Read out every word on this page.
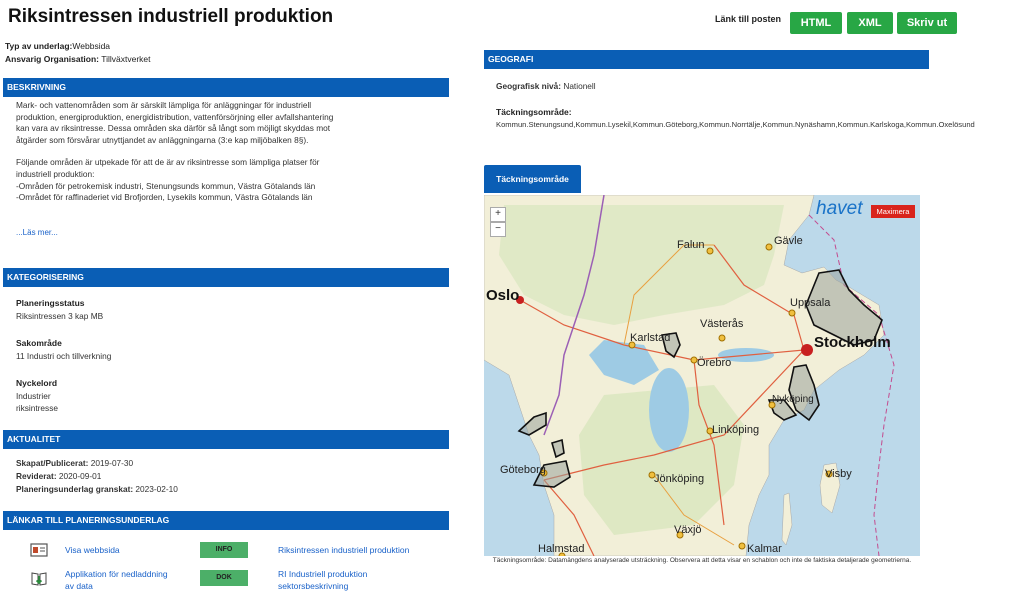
Riksintressen industriell produktion
Typ av underlag:Webbsida
Ansvarig Organisation: Tillväxtverket
Länk till posten	HTML	XML	Skriv ut
BESKRIVNING

Mark- och vattenområden som är särskilt lämpliga för anläggningar för industriell produktion, energiproduktion, energidistribution, vattenförsörjning eller avfallshantering kan vara av riksintresse. Dessa områden ska därför så långt som möjligt skyddas mot åtgärder som försvårar utnyttjandet av anläggningarna (3:e kap miljöbalken 8§).

Följande områden är utpekade för att de är av riksintresse som lämpliga platser för industriell produktion:
-Områden för petrokemisk industri, Stenungsunds kommun, Västra Götalands län
-Området för raffinaderiet vid Brofjorden, Lysekils kommun, Västra Götalands län

...Läs mer...
KATEGORISERING
Planeringsstatus
Riksintressen 3 kap MB
Sakområde
11 Industri och tillverkning
Nyckelord
Industrier
riksintresse
AKTUALITET
Skapat/Publicerat: 2019-07-30
Reviderat: 2020-09-01
Planeringsunderlag granskat: 2023-02-10
LÄNKAR TILL PLANERINGSUNDERLAG
Visa webbsida	INFO	Riksintressen industriell produktion
Applikation för nedladdning
av data
DOK	RI Industriell produktion
sektorsbeskrivning
GEOGRAFI
Geografisk nivå: Nationell
Täckningsområde:
Kommun.Stenungsund,Kommun.Lysekil,Kommun.Göteborg,Kommun.Norrtälje,Kommun.Nynäshamn,Kommun.Karlskoga,Kommun.Oxelösund
Täckningsområde
+
−
havet	Maximera
Falun	Gävle
Oslo	Uppsala
Karlstad
Västerås
Stockholm
Örebro
Nyköping
Linköping
Visby
Göteborg
Jönköping
Växjö
Halmstad	Kalmar
Täckningsområde: Datamängdens analyserade utsträckning. Observera att detta visar en schablon och inte de faktiska detaljerade geometrierna.
